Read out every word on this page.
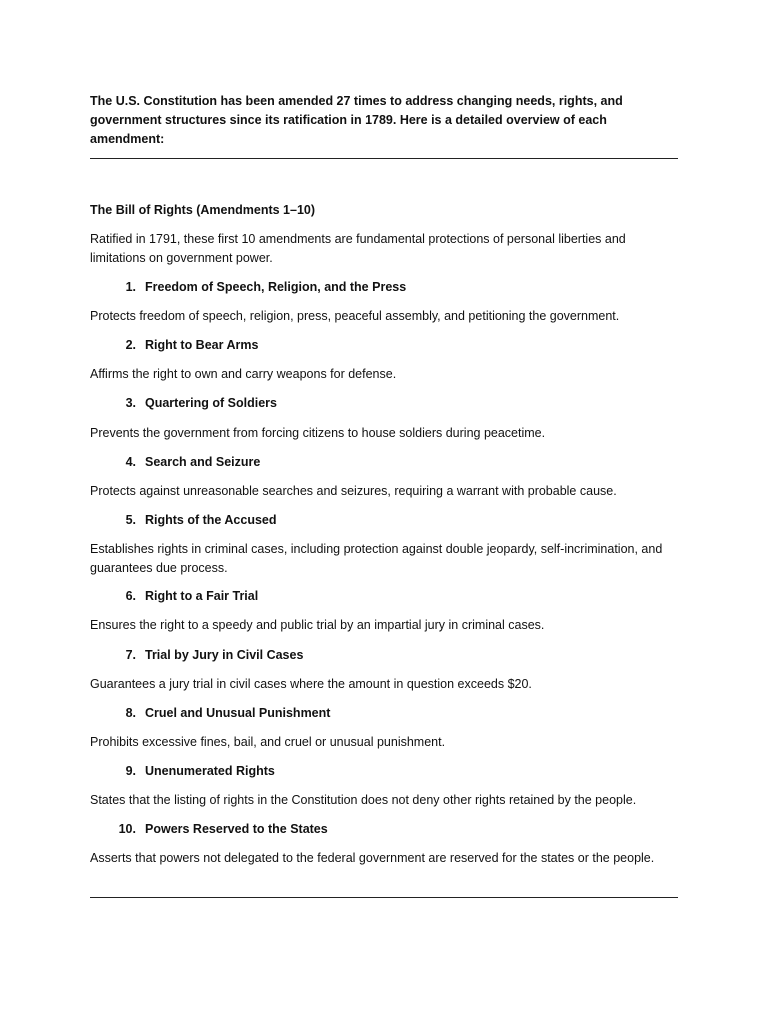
The U.S. Constitution has been amended 27 times to address changing needs, rights, and government structures since its ratification in 1789. Here is a detailed overview of each amendment:

The Bill of Rights (Amendments 1–10)

Ratified in 1791, these first 10 amendments are fundamental protections of personal liberties and limitations on government power.

1. Freedom of Speech, Religion, and the Press

Protects freedom of speech, religion, press, peaceful assembly, and petitioning the government.

2. Right to Bear Arms

Affirms the right to own and carry weapons for defense.

3. Quartering of Soldiers

Prevents the government from forcing citizens to house soldiers during peacetime.

4. Search and Seizure

Protects against unreasonable searches and seizures, requiring a warrant with probable cause.

5. Rights of the Accused

Establishes rights in criminal cases, including protection against double jeopardy, self-incrimination, and guarantees due process.

6. Right to a Fair Trial

Ensures the right to a speedy and public trial by an impartial jury in criminal cases.

7. Trial by Jury in Civil Cases

Guarantees a jury trial in civil cases where the amount in question exceeds $20.

8. Cruel and Unusual Punishment

Prohibits excessive fines, bail, and cruel or unusual punishment.

9. Unenumerated Rights

States that the listing of rights in the Constitution does not deny other rights retained by the people.

10. Powers Reserved to the States

Asserts that powers not delegated to the federal government are reserved for the states or the people.
